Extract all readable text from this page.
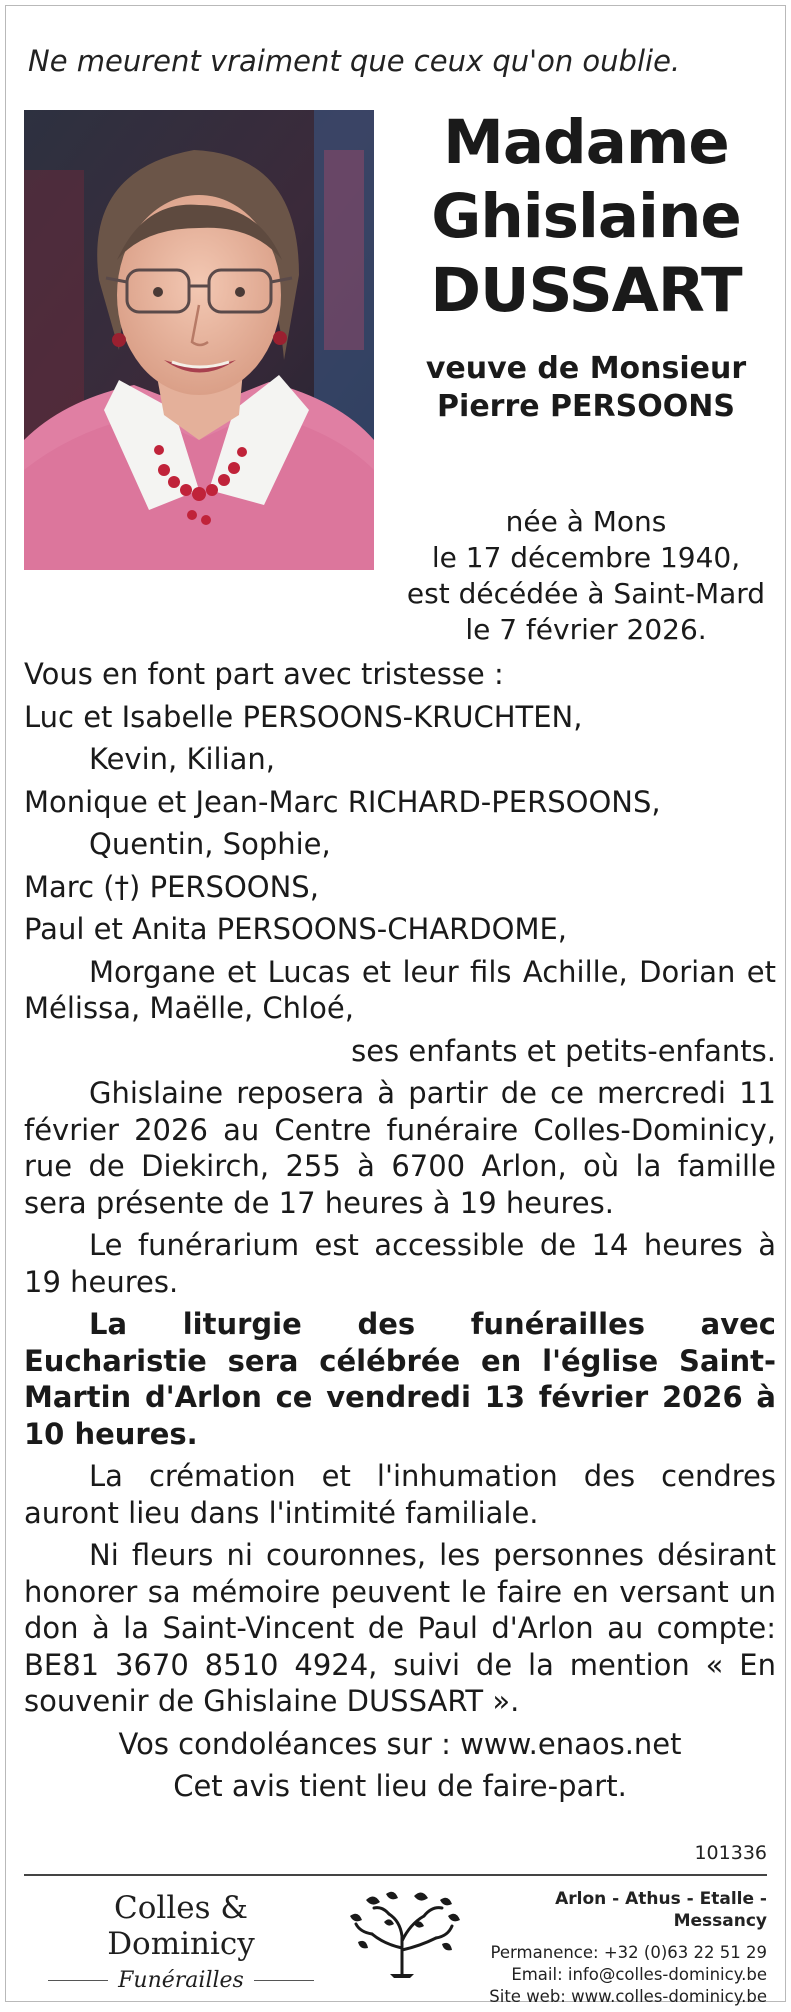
Ne meurent vraiment que ceux qu'on oublie.
Madame
Ghislaine
DUSSART
veuve de Monsieur
Pierre PERSOONS
née à Mons
le 17 décembre 1940,
est décédée à Saint-Mard
le 7 février 2026.

Vous en font part avec tristesse :

Luc et Isabelle PERSOONS-KRUCHTEN,

Kevin, Kilian,

Monique et Jean-Marc RICHARD-PERSOONS,

Quentin, Sophie,

Marc (†) PERSOONS,

Paul et Anita PERSOONS-CHARDOME,

Morgane et Lucas et leur fils Achille, Dorian et Mélissa, Maëlle, Chloé,

ses enfants et petits-enfants.

Ghislaine reposera à partir de ce mercredi 11 février 2026 au Centre funéraire Colles-Dominicy, rue de Diekirch, 255 à 6700 Arlon, où la famille sera présente de 17 heures à 19 heures.

Le funérarium est accessible de 14 heures à 19 heures.

La liturgie des funérailles avec Eucharistie sera célébrée en l'église Saint-Martin d'Arlon ce vendredi 13 février 2026 à 10 heures.

La crémation et l'inhumation des cendres auront lieu dans l'intimité familiale.

Ni fleurs ni couronnes, les personnes désirant honorer sa mémoire peuvent le faire en versant un don à la Saint-Vincent de Paul d'Arlon au compte: BE81 3670 8510 4924, suivi de la mention « En souvenir de Ghislaine DUSSART ».

Vos condoléances sur : www.enaos.net

Cet avis tient lieu de faire-part.

101336
Colles & Dominicy
Funérailles
Arlon - Athus - Etalle - Messancy
Permanence: +32 (0)63 22 51 29
Email: info@colles-dominicy.be
Site web: www.colles-dominicy.be
